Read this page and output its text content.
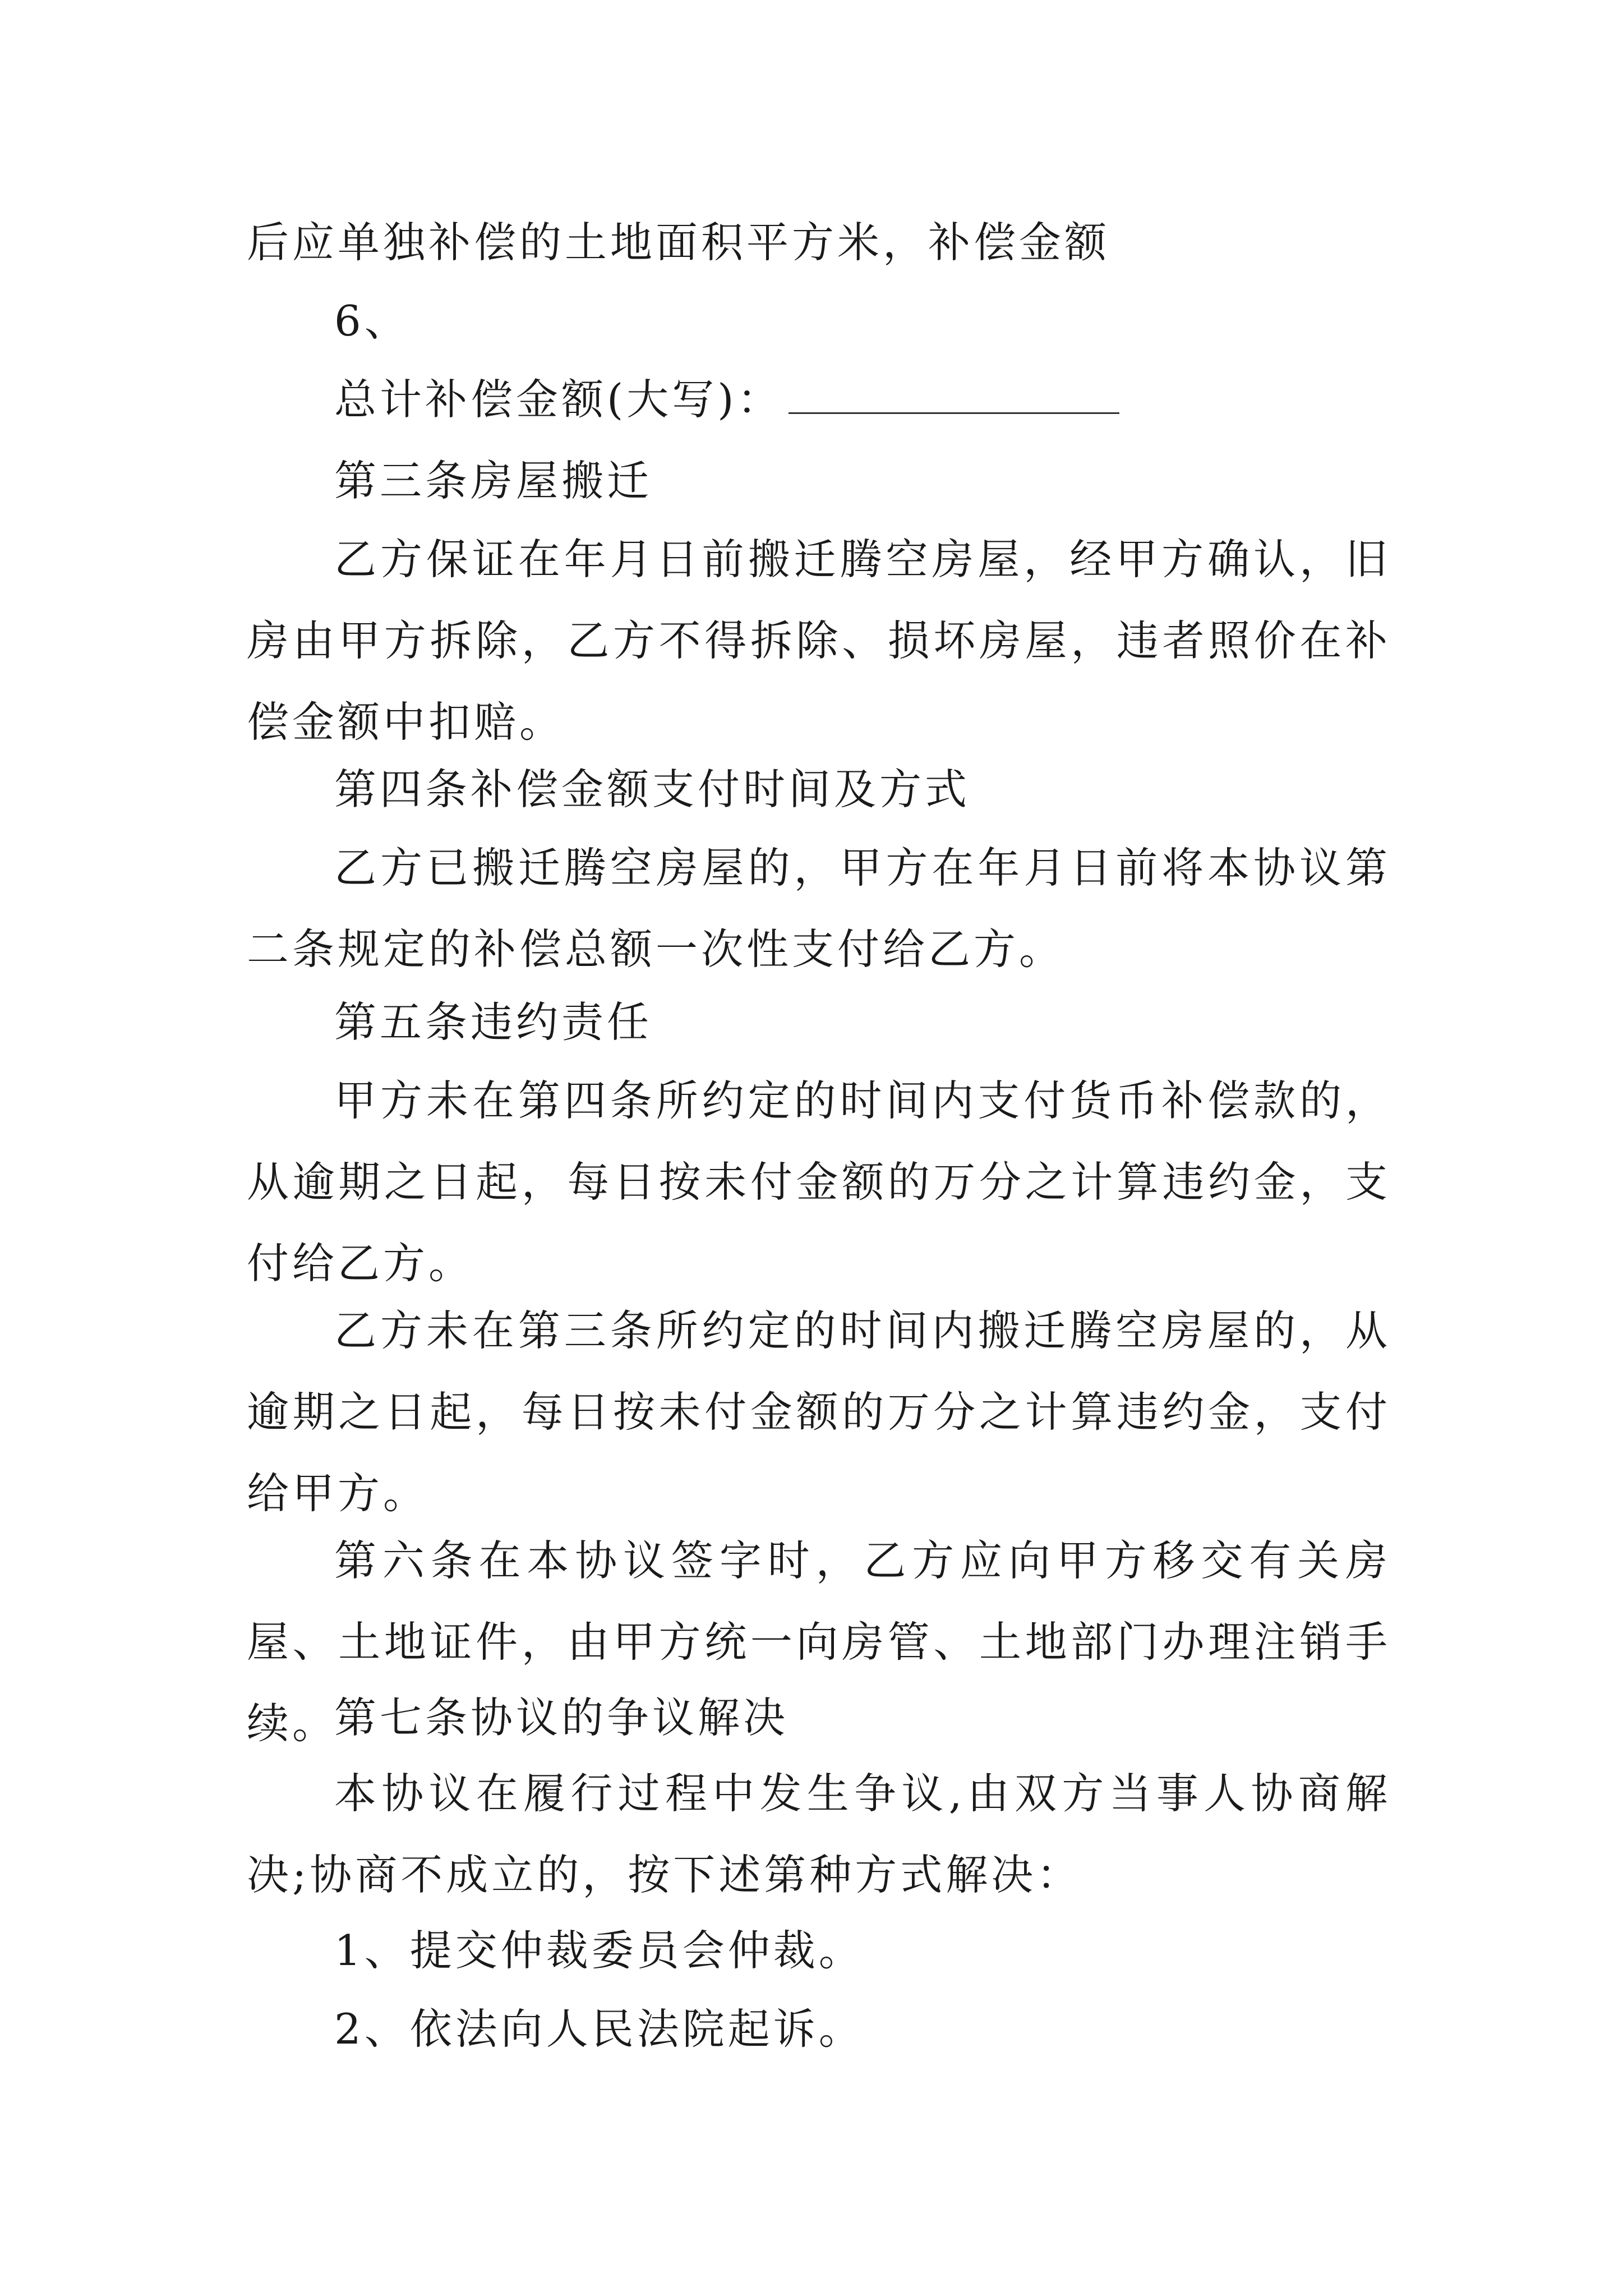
后应单独补偿的土地面积平方米，补偿金额

6、

总计补偿金额(大写)：

第三条房屋搬迁

乙方保证在年月日前搬迁腾空房屋，经甲方确认，旧房由甲方拆除，乙方不得拆除、损坏房屋，违者照价在补偿金额中扣赔。

第四条补偿金额支付时间及方式

乙方已搬迁腾空房屋的，甲方在年月日前将本协议第二条规定的补偿总额一次性支付给乙方。

第五条违约责任

甲方未在第四条所约定的时间内支付货币补偿款的，从逾期之日起，每日按未付金额的万分之计算违约金，支付给乙方。

乙方未在第三条所约定的时间内搬迁腾空房屋的，从逾期之日起，每日按未付金额的万分之计算违约金，支付给甲方。

第六条在本协议签字时，乙方应向甲方移交有关房屋、土地证件，由甲方统一向房管、土地部门办理注销手续。

第七条协议的争议解决

本协议在履行过程中发生争议,由双方当事人协商解决;协商不成立的，按下述第种方式解决：

1、提交仲裁委员会仲裁。

2、依法向人民法院起诉。
